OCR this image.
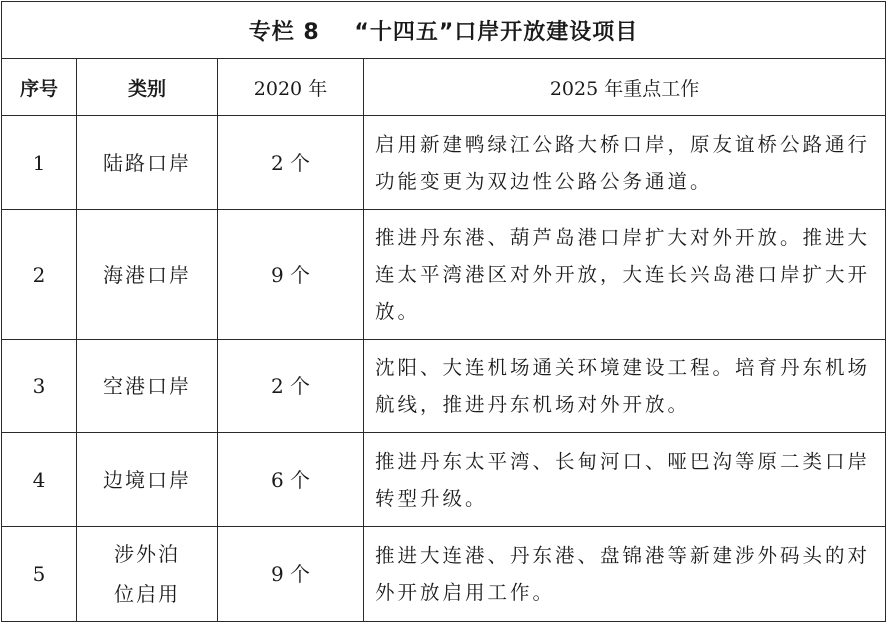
专栏 8    “十四五”口岸开放建设项目			
序号	类别	2020 年	2025 年重点工作
1	陆路口岸	2 个	启用新建鸭绿江公路大桥口岸，原友谊桥公路通行功能变更为双边性公路公务通道。
2	海港口岸	9 个	推进丹东港、葫芦岛港口岸扩大对外开放。推进大连太平湾港区对外开放，大连长兴岛港口岸扩大开放。
3	空港口岸	2 个	沈阳、大连机场通关环境建设工程。培育丹东机场航线，推进丹东机场对外开放。
4	边境口岸	6 个	推进丹东太平湾、长甸河口、哑巴沟等原二类口岸转型升级。
5	涉外泊位启用	9 个	推进大连港、丹东港、盘锦港等新建涉外码头的对外开放启用工作。
